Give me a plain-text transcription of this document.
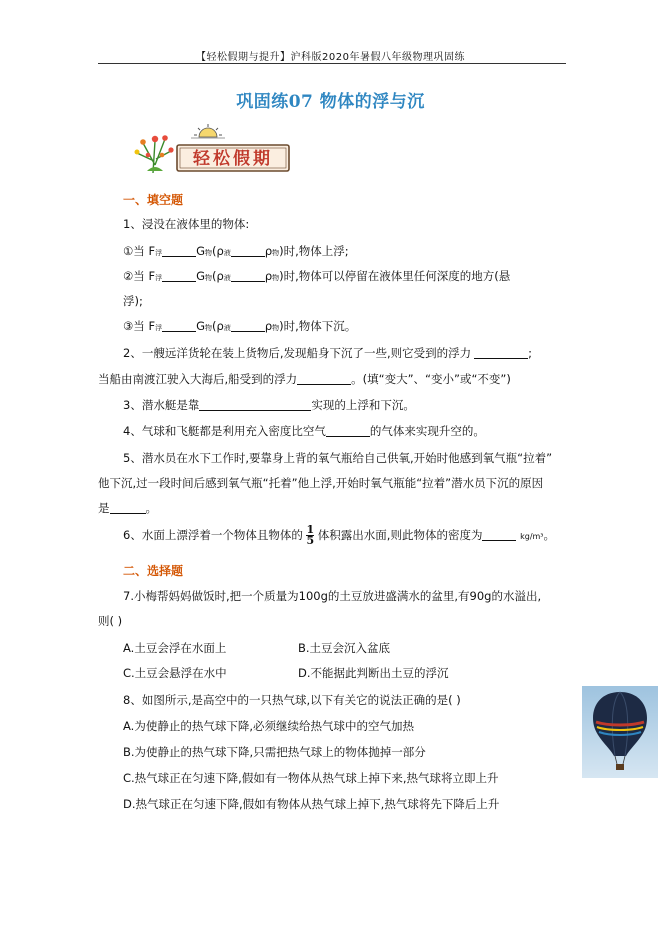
【轻松假期与提升】沪科版2020年暑假八年级物理巩固练
巩固练07 物体的浮与沉
轻松假期
一、填空题
1、浸没在液体里的物体:
①当 F浮	G物(ρ液	ρ物)时,物体上浮;
②当 F浮	G物(ρ液	ρ物)时,物体可以停留在液体里任何深度的地方(悬
浮);
③当 F浮	G物(ρ液	ρ物)时,物体下沉。
2、一艘远洋货轮在装上货物后,发现船身下沉了一些,则它受到的浮力	;
当船由南渡江驶入大海后,船受到的浮力	。(填“变大”、“变小”或“不变”)
3、潜水艇是靠	实现的上浮和下沉。
4、气球和飞艇都是利用充入密度比空气	的气体来实现升空的。
5、潜水员在水下工作时,要靠身上背的氧气瓶给自己供氧,开始时他感到氧气瓶“拉着”
他下沉,过一段时间后感到氧气瓶“托着”他上浮,开始时氧气瓶能“拉着”潜水员下沉的原因
是	。
6、水面上漂浮着一个物体且物体的 $\frac{1}{5}$ 体积露出水面,则此物体的密度为	kg/m³。
二、选择题
7.小梅帮妈妈做饭时,把一个质量为100g的土豆放进盛满水的盆里,有90g的水溢出,
则( )
A.土豆会浮在水面上	B.土豆会沉入盆底
C.土豆会悬浮在水中	D.不能据此判断出土豆的浮沉
8、如图所示,是高空中的一只热气球,以下有关它的说法正确的是( )
A.为使静止的热气球下降,必须继续给热气球中的空气加热
B.为使静止的热气球下降,只需把热气球上的物体抛掉一部分
C.热气球正在匀速下降,假如有一物体从热气球上掉下来,热气球将立即上升
D.热气球正在匀速下降,假如有物体从热气球上掉下,热气球将先下降后上升
